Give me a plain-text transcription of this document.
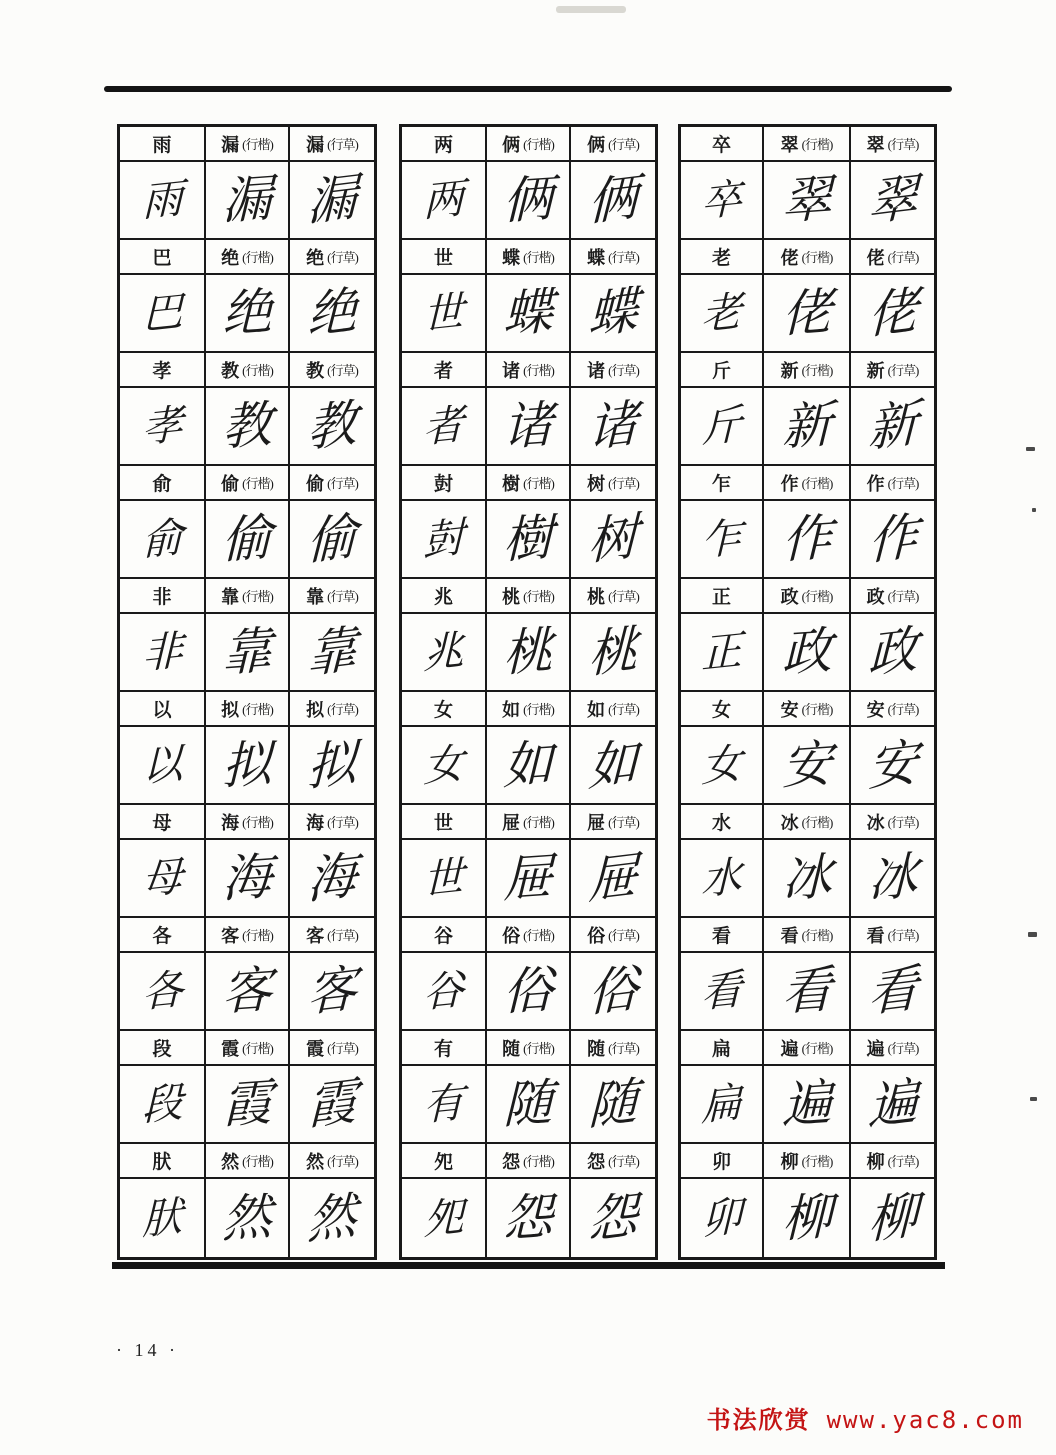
雨	漏 (行楷) 漏 (行草)
雨 漏 漏
巴	绝 (行楷) 绝 (行草)
巴 绝 绝
孝	教 (行楷) 教 (行草)
孝 教 教
俞	偷 (行楷) 偷 (行草)
俞 偷 偷
非	靠 (行楷) 靠 (行草)
非 靠 靠
以	拟 (行楷) 拟 (行草)
以 拟 拟
母	海 (行楷) 海 (行草)
母 海 海
各	客 (行楷) 客 (行草)
各 客 客
段	霞 (行楷) 霞 (行草)
段 霞 霞
肰	然 (行楷) 然 (行草)
肰 然 然
两	俩 (行楷) 俩 (行草)
两 俩 俩
世	蝶 (行楷) 蝶 (行草)
世 蝶 蝶
者	诸 (行楷) 诸 (行草)
者 诸 诸
尌	樹 (行楷) 树 (行草)
尌 樹 树
兆	桃 (行楷) 桃 (行草)
兆 桃 桃
女	如 (行楷) 如 (行草)
女 如 如
世	屉 (行楷) 屉 (行草)
世 屉 屉
谷	俗 (行楷) 俗 (行草)
谷 俗 俗
有	随 (行楷) 随 (行草)
有 随 随
夗	怨 (行楷) 怨 (行草)
夗 怨 怨
卒	翠 (行楷) 翠 (行草)
卒 翠 翠
老	佬 (行楷) 佬 (行草)
老 佬 佬
斤	新 (行楷) 新 (行草)
斤 新 新
乍	作 (行楷) 作 (行草)
乍 作 作
正	政 (行楷) 政 (行草)
正 政 政
女	安 (行楷) 安 (行草)
女 安 安
水	冰 (行楷) 冰 (行草)
水 冰 冰
看	看 (行楷) 看 (行草)
看 看 看
扁	遍 (行楷) 遍 (行草)
扁 遍 遍
卯	柳 (行楷) 柳 (行草)
卯 柳 柳
· 14 ·
书法欣赏 www.yac8.com
